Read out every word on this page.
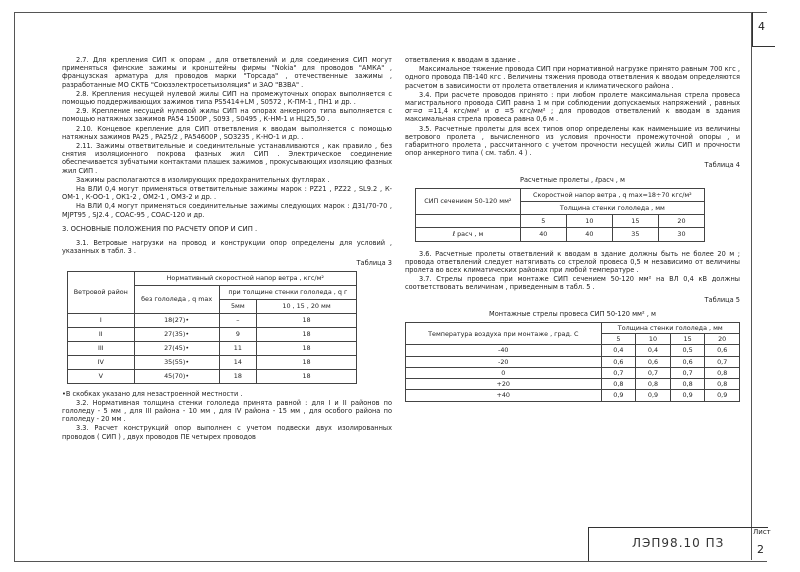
4

2.7. Для крепления СИП к опорам , для ответвлений и для соединения СИП могут применяться финские зажимы и кронштейны фирмы "Nokia" для проводов "АМКА" , французская арматура для проводов марки "Торсада" , отечественные зажимы , разработанные МО СКТБ "Союзэлектросетьизоляция" и ЗАО "ВЗВА" .

2.8. Крепления несущей нулевой жилы СИП на промежуточных опорах выполняется с помощью поддерживающих зажимов типа PS5414+LM , S0572 , К-ПМ-1 , ПН1 и др. .

2.9. Крепление несущей нулевой жилы СИП на опорах анкерного типа выполняется с помощью натяжных зажимов PA54 1500P , S093 , S0495 , К-НМ-1 и НЦ25,50 .

2.10. Концевое крепление для СИП ответвления к вводам выполняется с помощью натяжных зажимов PA25 , PA25/2 , PA54600P , SO3235 , К-НО-1 и др. .

2.11. Зажимы ответвительные и соединительные устанавливаются , как правило , без снятия изоляционного покрова фазных жил СИП . Электрическое соединение обеспечивается зубчатыми контактами плашек зажимов , прокусывающих изоляцию фазных жил СИП .

Зажимы располагаются в изолирующих предохранительных футлярах .

На ВЛИ 0,4 могут применяться ответвительные зажимы марок : PZ21 , PZ22 , SL9.2 , К-ОМ-1 , К-ОО-1 , ОК1-2 , ОМ2-1 , ОМ3-2 и др. .

На ВЛИ 0,4 могут применяться соединительные зажимы следующих марок : ДЗ1/70-70 , МJPT95 , SJ2.4 , СОАС-95 , СОАС-120 и др.

3. ОСНОВНЫЕ ПОЛОЖЕНИЯ ПО РАСЧЕТУ ОПОР И СИП .

3.1. Ветровые нагрузки на провод и конструкции опор определены для условий , указанных в табл. 3 .

Таблица 3

Ветровой район	Нормативный скоростной напор ветра , кгс/м²		
	без гололеда , q max	при толщине стенки гололеда , q г	
		5мм	10 , 15 , 20 мм
I	18(27)•	–	18
II	27(35)•	9	18
III	27(45)•	11	18
IV	35(55)•	14	18
V	45(70)•	18	18

•В скобках указано для незастроенной местности .

3.2. Нормативная толщина стенки гололеда принята равной : для I и II районов по гололеду - 5 мм , для III района - 10 мм , для IV района - 15 мм , для особого района по гололеду - 20 мм .

3.3. Расчет конструкций опор выполнен с учетом подвески двух изолированных проводов ( СИП ) , двух проводов ПЕ четырех проводов

ответвления к вводам в здание .

Максимальное тяжение провода СИП при нормативной нагрузке принято равным 700 кгс , одного провода ПВ-140 кгс . Величины тяжения провода ответвления к вводам определяются расчетом в зависимости от пролета ответвления и климатического района .

3.4. При расчете проводов принято : при любом пролете максимальная стрела провеса магистрального провода СИП равна 1 м при соблюдении допускаемых напряжений , равных σг=σ =11,4 кгс/мм² и σ =5 кгс/мм² ; для проводов ответвлений к вводам в здания максимальная стрела провеса равна 0,6 м .

3.5. Расчетные пролеты для всех типов опор определены как наименьшие из величины ветрового пролета , вычисленного из условия прочности промежуточной опоры , и габаритного пролета , рассчитанного с учетом прочности несущей жилы СИП и прочности опор анкерного типа ( см. табл. 4 ) .

Таблица 4

Расчетные пролеты , ℓрасч , м

СИП сечением 50-120 мм²	Скоростной напор ветра , q max=18÷70 кгс/м²			
	Толщина стенки гололеда , мм			
	5	10	15	20
ℓ расч , м	40	40	35	30

3.6. Расчетные пролеты ответвлений к вводам в здание должны быть не более 20 м ; провода ответвлений следует натягивать со стрелой провеса 0,5 м независимо от величины пролета во всех климатических районах при любой температуре .

3.7. Стрелы провеса при монтаже СИП сечением 50-120 мм² на ВЛ 0,4 кВ должны соответствовать величинам , приведенным в табл. 5 .

Таблица 5

Монтажные стрелы провеса СИП 50-120 мм² , м

Температура воздуха при монтаже , град. С	Толщина стенки гололеда , мм			
	5	10	15	20
-40	0,4	0,4	0,5	0,6
-20	0,6	0,6	0,6	0,7
0	0,7	0,7	0,7	0,8
+20	0,8	0,8	0,8	0,8
+40	0,9	0,9	0,9	0,9
ЛЭП98.10 ПЗ
Лист
2
